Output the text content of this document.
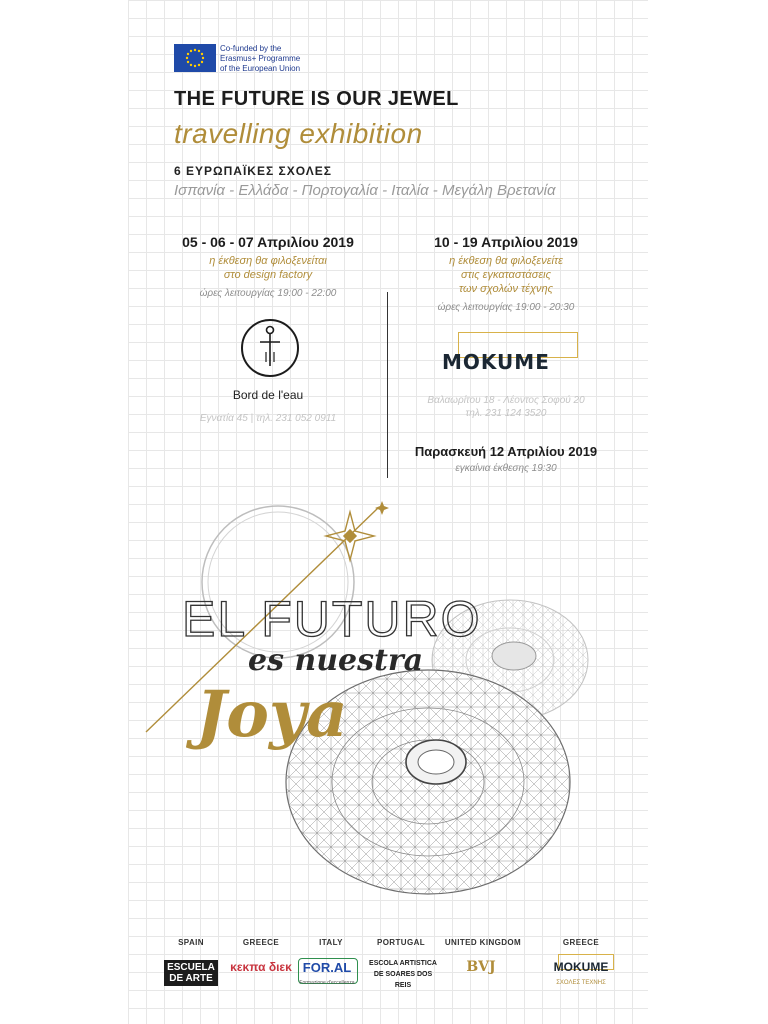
Co-funded by the
Erasmus+ Programme
of the European Union
THE FUTURE IS OUR JEWEL
travelling exhibition
6 ΕΥΡΩΠΑΪΚΕΣ ΣΧΟΛΕΣ
Ισπανία - Ελλάδα - Πορτογαλία - Ιταλία - Μεγάλη Βρετανία
05 - 06 - 07 Απριλίου 2019
η έκθεση θα φιλοξενείται
στο design factory
ώρες λειτουργίας 19:00 - 22:00
Bord de l'eau
Εγνατία 45 | τηλ. 231 052 0911
10 - 19 Απριλίου 2019
η έκθεση θα φιλοξενείτε
στις εγκαταστάσεις
των σχολών τέχνης
ώρες λειτουργίας 19:00 - 20:30
MOKUME
Βαλαωρίτου 18 - Λέοντος Σοφού 20
τηλ. 231 124 3520
Παρασκευή 12 Απριλίου 2019
εγκαίνια έκθεσης 19:30
EL FUTURO
es nuestra
Joya
SPAIN	GREECE	ITALY	PORTUGAL	UNITED KINGDOM	GREECE
ESCUELA DE ARTE
κεκπα διεκ FOR.AL
Formazione d'eccellenza
ESCOLA ARTISTICA DE SOARES DOS REIS
BVJ	MOKUME
ΣΧΟΛΕΣ ΤΕΧΝΗΣ
